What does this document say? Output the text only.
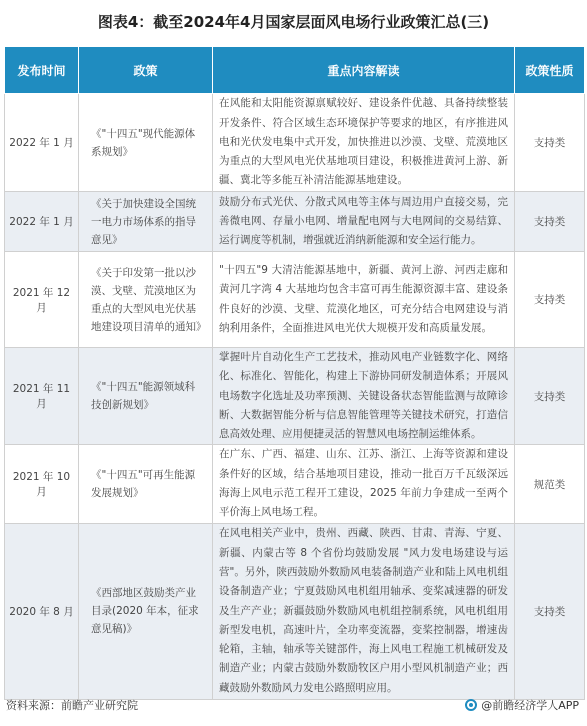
图表4：截至2024年4月国家层面风电场行业政策汇总(三)
发布时间	政策	重点内容解读	政策性质
2022 年 1 月	《"十四五"现代能源体系规划》	在风能和太阳能资源禀赋较好、建设条件优越、具备持续整装开发条件、符合区域生态环境保护等要求的地区，有序推进风电和光伏发电集中式开发，加快推进以沙漠、戈壁、荒漠地区为重点的大型风电光伏基地项目建设，积极推进黄河上游、新疆、冀北等多能互补清洁能源基地建设。	支持类
2022 年 1 月	《关于加快建设全国统一电力市场体系的指导意见》	鼓励分布式光伏、分散式风电等主体与周边用户直接交易，完善微电网、存量小电网、增量配电网与大电网间的交易结算、运行调度等机制，增强就近消纳新能源和安全运行能力。	支持类
2021 年 12 月	《关于印发第一批以沙漠、戈壁、荒漠地区为重点的大型风电光伏基地建设项目清单的通知》	"十四五"9 大清洁能源基地中，新疆、黄河上游、河西走廊和黄河几字湾 4 大基地均包含丰富可再生能源资源丰富、建设条件良好的沙漠、戈壁、荒漠化地区，可充分结合电网建设与消纳利用条件，全面推进风电光伏大规模开发和高质量发展。	支持类
2021 年 11 月	《"十四五"能源领域科技创新规划》	掌握叶片自动化生产工艺技术，推动风电产业链数字化、网络化、标准化、智能化，构建上下游协同研发制造体系；开展风电场数字化选址及功率预测、关键设备状态智能监测与故障诊断、大数据智能分析与信息智能管理等关键技术研究，打造信息高效处理、应用便捷灵活的智慧风电场控制运维体系。	支持类
2021 年 10 月	《"十四五"可再生能源发展规划》	在广东、广西、福建、山东、江苏、浙江、上海等资源和建设条件好的区域，结合基地项目建设，推动一批百万千瓦级深远海海上风电示范工程开工建设，2025 年前力争建成一至两个平价海上风电场工程。	规范类
2020 年 8 月	《西部地区鼓励类产业目录(2020 年本，征求意见稿)》	在风电相关产业中，贵州、西藏、陕西、甘肃、青海、宁夏、新疆、内蒙古等 8 个省份均鼓励发展 "风力发电场建设与运营"。另外，陕西鼓励外数励风电装备制造产业和陆上风电机组设备制造产业；宁夏鼓励风电机组用轴承、变桨减速器的研发及生产产业；新疆鼓励外数励风电机组控制系统，风电机组用新型发电机，高速叶片，全功率变流器，变桨控制器，增速齿轮箱，主轴，轴承等关键部件，海上风电工程施工机械研发及制造产业；内蒙古鼓励外数励牧区户用小型风机制造产业；西藏鼓励外数励风力发电公路照明应用。	支持类
资料来源：前瞻产业研究院	@前瞻经济学人APP
